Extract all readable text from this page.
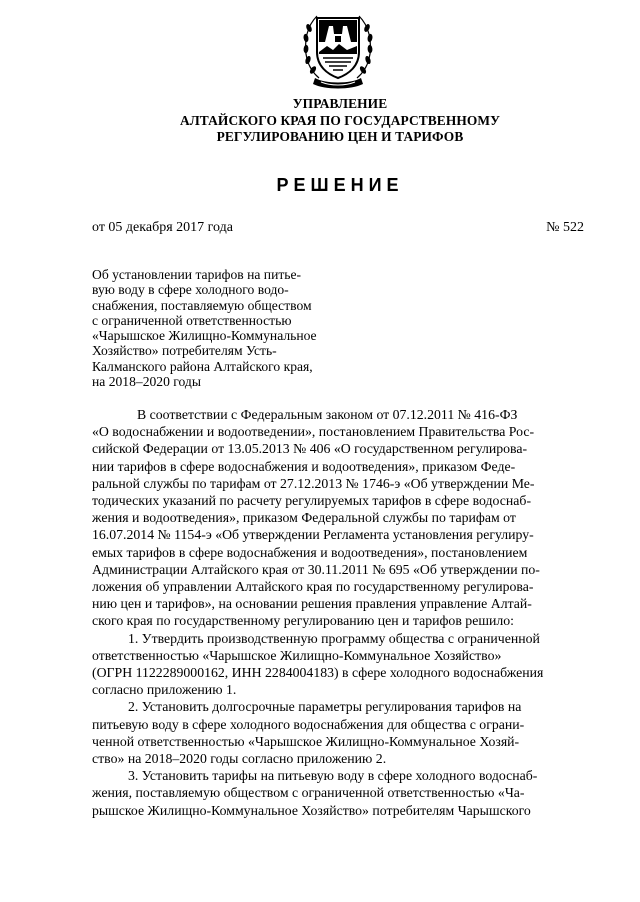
УПРАВЛЕНИЕ
АЛТАЙСКОГО КРАЯ ПО ГОСУДАРСТВЕННОМУ
РЕГУЛИРОВАНИЮ ЦЕН И ТАРИФОВ
РЕШЕНИЕ
от 05 декабря 2017 года	№ 522
Об установлении тарифов на питье-
вую воду в сфере холодного водо-
снабжения, поставляемую обществом
с ограниченной ответственностью
«Чарышское Жилищно-Коммунальное
Хозяйство» потребителям Усть-
Калманского района Алтайского края,
на 2018–2020 годы

В соответствии с Федеральным законом от 07.12.2011 № 416-ФЗ
«О водоснабжении и водоотведении», постановлением Правительства Рос-
сийской Федерации от 13.05.2013 № 406 «О государственном регулирова-
нии тарифов в сфере водоснабжения и водоотведения», приказом Феде-
ральной службы по тарифам от 27.12.2013 № 1746-э «Об утверждении Ме-
тодических указаний по расчету регулируемых тарифов в сфере водоснаб-
жения и водоотведения», приказом Федеральной службы по тарифам от
16.07.2014 № 1154-э «Об утверждении Регламента установления регулиру-
емых тарифов в сфере водоснабжения и водоотведения», постановлением
Администрации Алтайского края от 30.11.2011 № 695 «Об утверждении по-
ложения об управлении Алтайского края по государственному регулирова-
нию цен и тарифов», на основании решения правления управление Алтай-
ского края по государственному регулированию цен и тарифов решило:

1. Утвердить производственную программу общества с ограниченной
ответственностью «Чарышское Жилищно-Коммунальное Хозяйство»
(ОГРН 1122289000162, ИНН 2284004183) в сфере холодного водоснабжения
согласно приложению 1.

2. Установить долгосрочные параметры регулирования тарифов на
питьевую воду в сфере холодного водоснабжения для общества с ограни-
ченной ответственностью «Чарышское Жилищно-Коммунальное Хозяй-
ство» на 2018–2020 годы согласно приложению 2.

3. Установить тарифы на питьевую воду в сфере холодного водоснаб-
жения, поставляемую обществом с ограниченной ответственностью «Ча-
рышское Жилищно-Коммунальное Хозяйство» потребителям Чарышского
